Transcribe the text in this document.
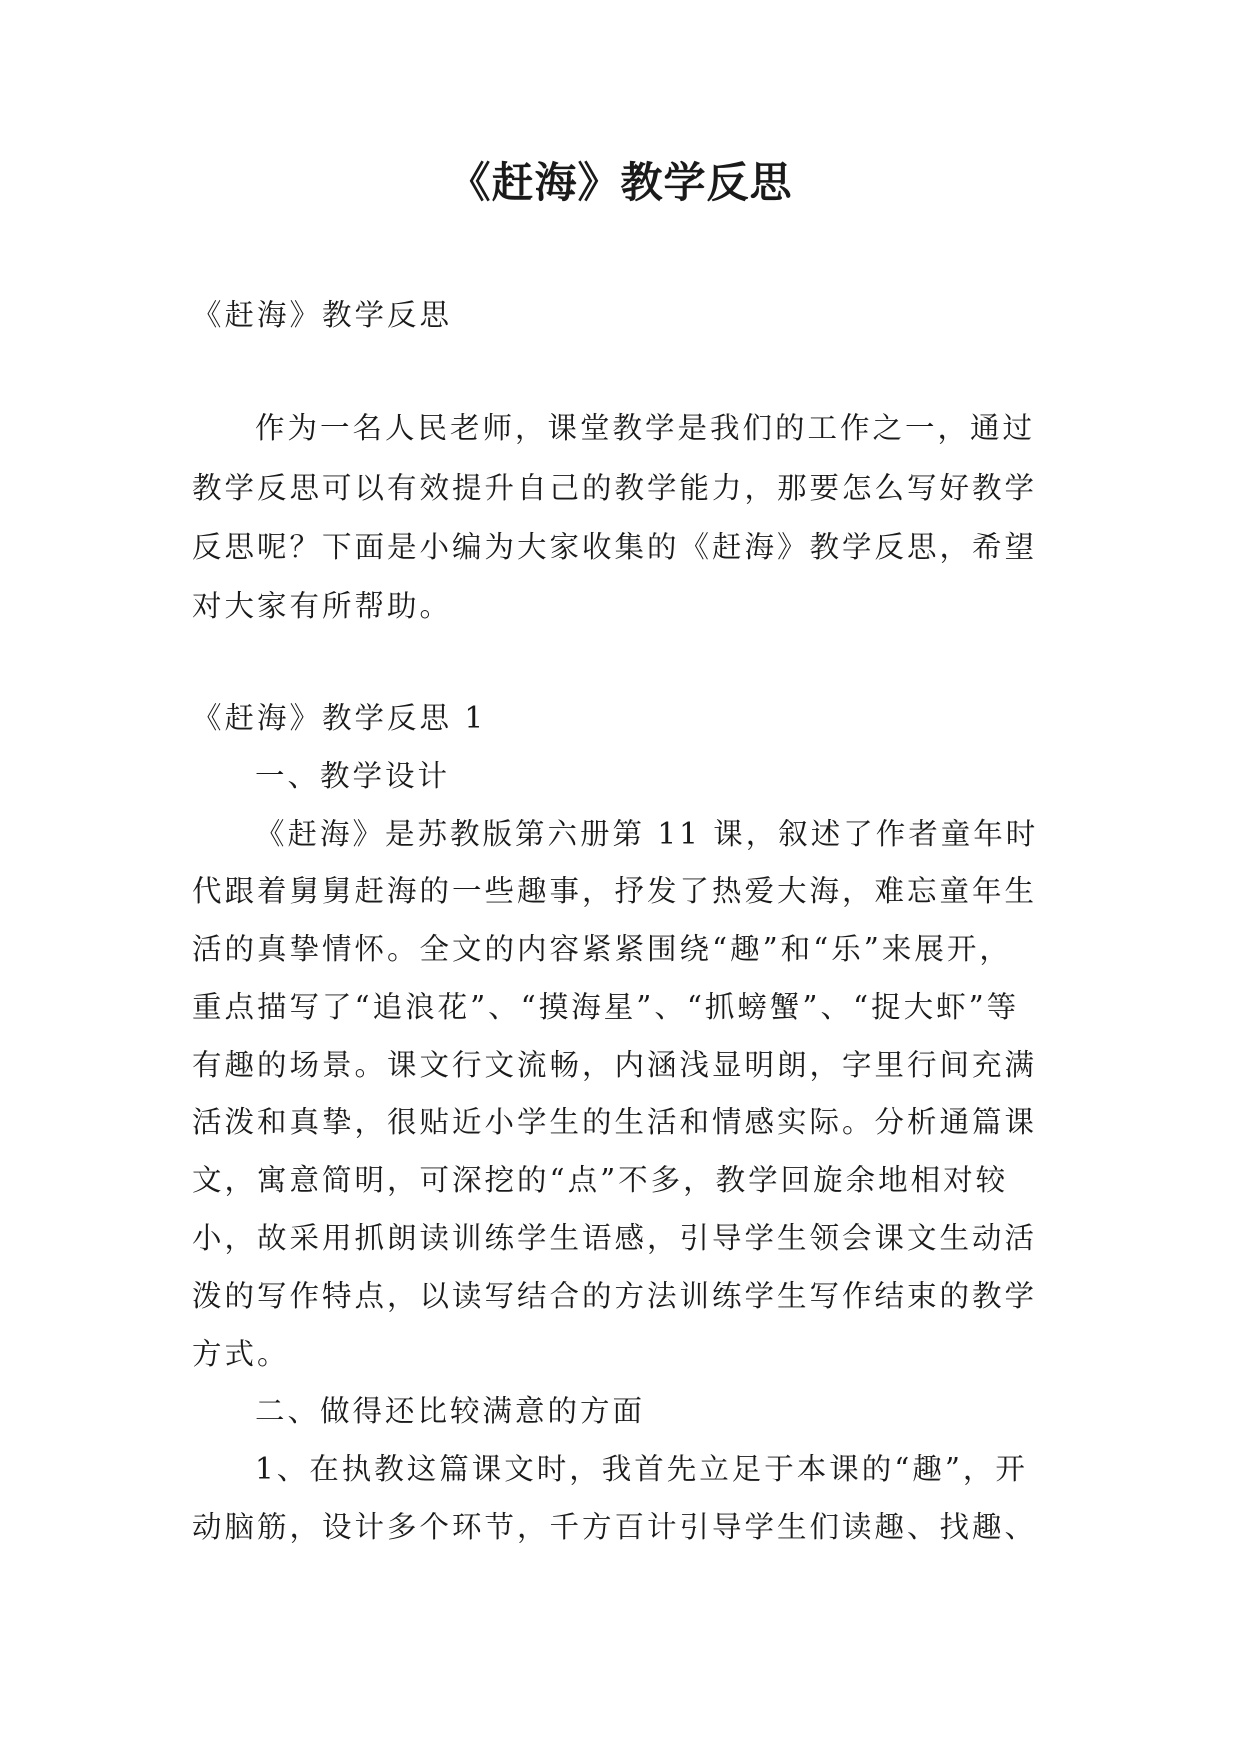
《赶海》教学反思
《赶海》教学反思
作为一名人民老师，课堂教学是我们的工作之一，通过
教学反思可以有效提升自己的教学能力，那要怎么写好教学
反思呢？下面是小编为大家收集的《赶海》教学反思，希望
对大家有所帮助。
《赶海》教学反思 1
一、教学设计
《赶海》是苏教版第六册第 11 课，叙述了作者童年时
代跟着舅舅赶海的一些趣事，抒发了热爱大海，难忘童年生
活的真挚情怀。全文的内容紧紧围绕“趣”和“乐”来展开，
重点描写了“追浪花”、“摸海星”、“抓螃蟹”、“捉大虾”等
有趣的场景。课文行文流畅，内涵浅显明朗，字里行间充满
活泼和真挚，很贴近小学生的生活和情感实际。分析通篇课
文，寓意简明，可深挖的“点”不多，教学回旋余地相对较
小，故采用抓朗读训练学生语感，引导学生领会课文生动活
泼的写作特点，以读写结合的方法训练学生写作结束的教学
方式。
二、做得还比较满意的方面
1、在执教这篇课文时，我首先立足于本课的“趣”，开
动脑筋，设计多个环节，千方百计引导学生们读趣、找趣、
